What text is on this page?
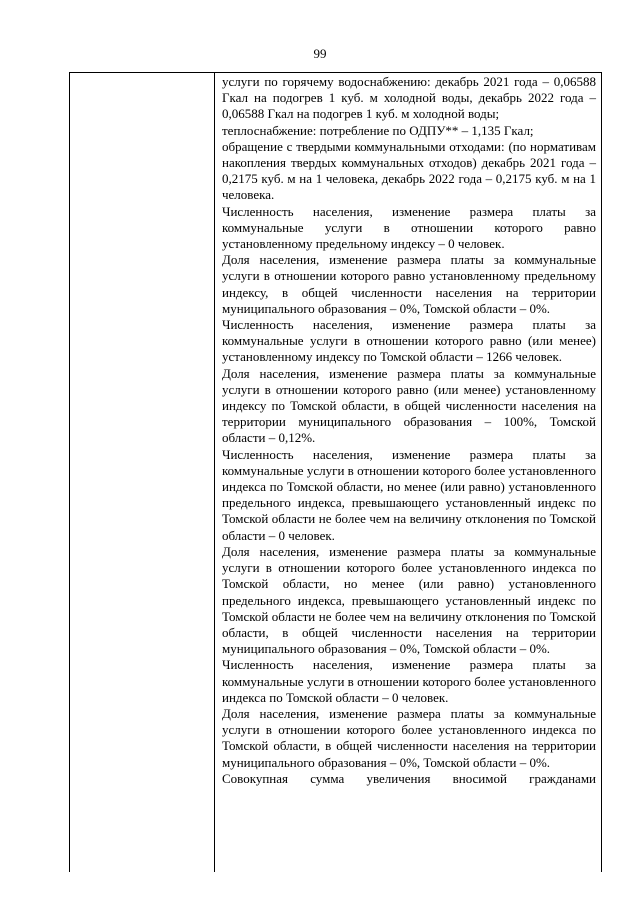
99

услуги по горячему водоснабжению: декабрь 2021 года – 0,06588 Гкал на подогрев 1 куб. м холодной воды, декабрь 2022 года – 0,06588 Гкал на подогрев 1 куб. м холодной воды;

теплоснабжение: потребление по ОДПУ** – 1,135 Гкал;

обращение с твердыми коммунальными отходами: (по нормативам накопления твердых коммунальных отходов) декабрь 2021 года – 0,2175 куб. м на 1 человека, декабрь 2022 года – 0,2175 куб. м на 1 человека.

Численность населения, изменение размера платы за коммунальные услуги в отношении которого равно установленному предельному индексу – 0 человек.

Доля населения, изменение размера платы за коммунальные услуги в отношении которого равно установленному предельному индексу, в общей численности населения на территории муниципального образования – 0%, Томской области – 0%.

Численность населения, изменение размера платы за коммунальные услуги в отношении которого равно (или менее) установленному индексу по Томской области – 1266 человек.

Доля населения, изменение размера платы за коммунальные услуги в отношении которого равно (или менее) установленному индексу по Томской области, в общей численности населения на территории муниципального образования – 100%, Томской области – 0,12%.

Численность населения, изменение размера платы за коммунальные услуги в отношении которого более установленного индекса по Томской области, но менее (или равно) установленного предельного индекса, превышающего установленный индекс по Томской области не более чем на величину отклонения по Томской области – 0 человек.

Доля населения, изменение размера платы за коммунальные услуги в отношении которого более установленного индекса по Томской области, но менее (или равно) установленного предельного индекса, превышающего установленный индекс по Томской области не более чем на величину отклонения по Томской области, в общей численности населения на территории муниципального образования – 0%, Томской области – 0%.

Численность населения, изменение размера платы за коммунальные услуги в отношении которого более установленного индекса по Томской области – 0 человек.

Доля населения, изменение размера платы за коммунальные услуги в отношении которого более установленного индекса по Томской области, в общей численности населения на территории муниципального образования – 0%, Томской области – 0%.

Совокупная сумма увеличения вносимой гражданами
